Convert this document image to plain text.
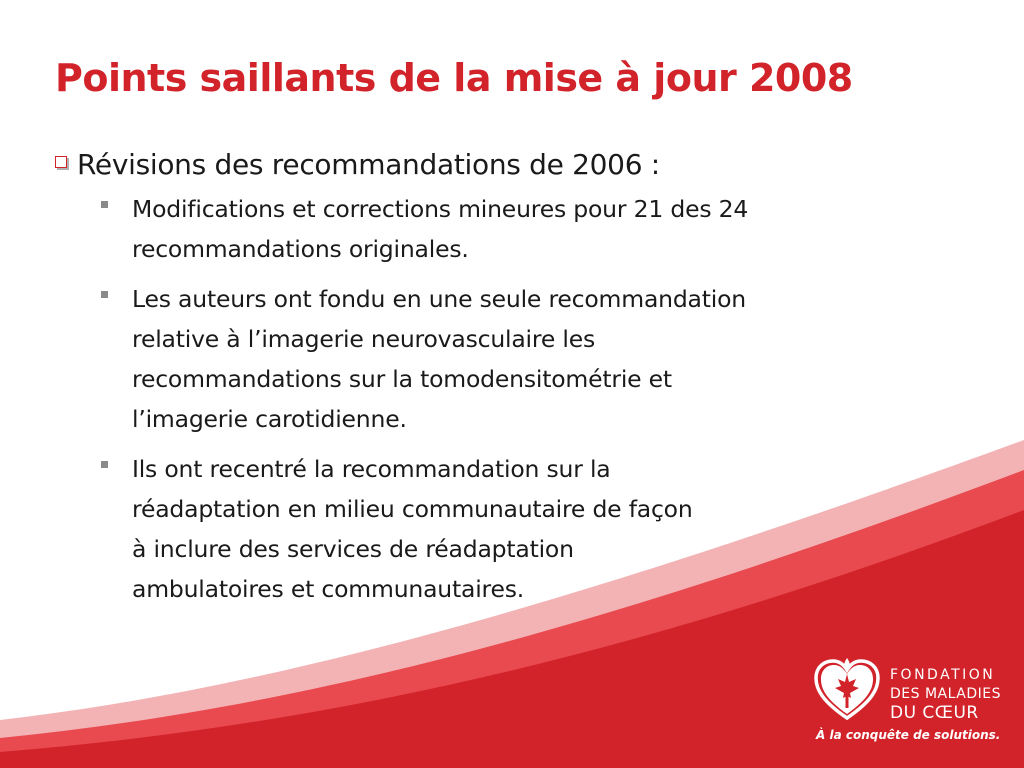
Points saillants de la mise à jour 2008
Révisions des recommandations de 2006 :
Modifications et corrections mineures pour 21 des 24
recommandations originales.
Les auteurs ont fondu en une seule recommandation
relative à l’imagerie neurovasculaire les
recommandations sur la tomodensitométrie et
l’imagerie carotidienne.
Ils ont recentré la recommandation sur la
réadaptation en milieu communautaire de façon
à inclure des services de réadaptation
ambulatoires et communautaires.
FONDATION
DES MALADIES
DU CŒUR
À la conquête de solutions.
